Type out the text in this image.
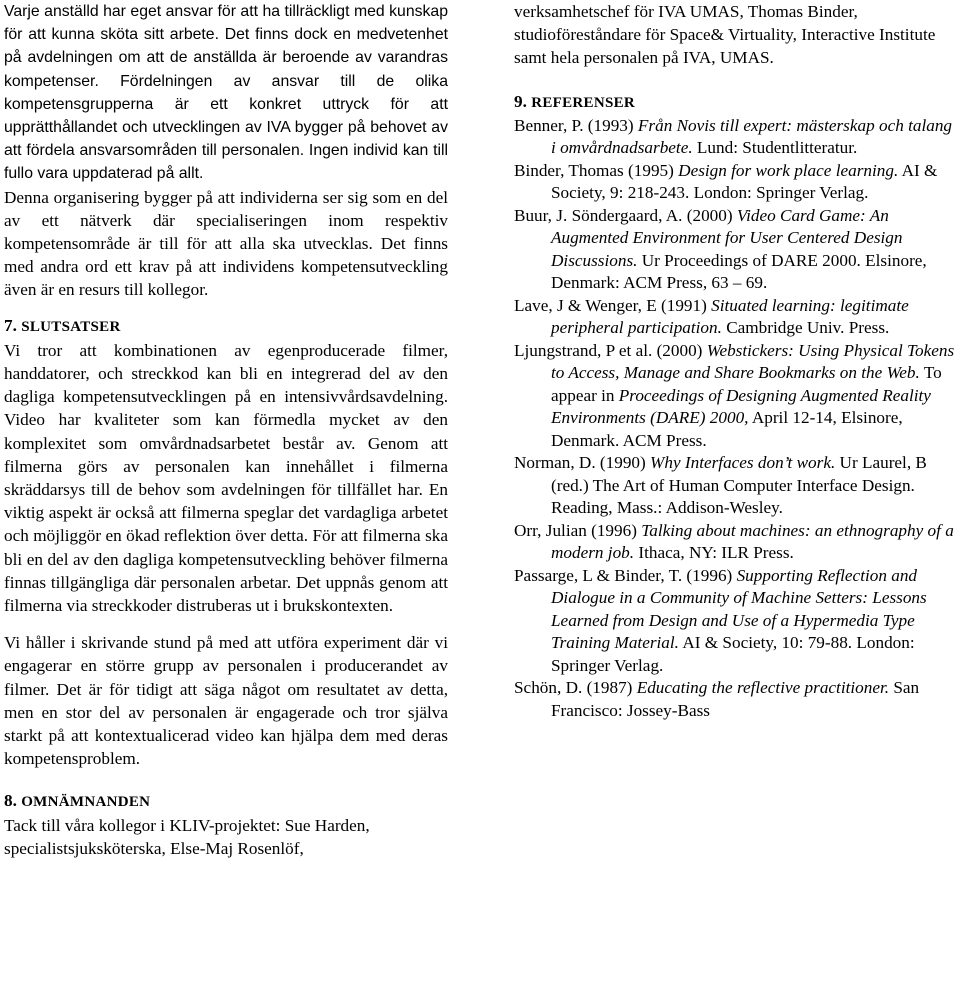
Varje anställd har eget ansvar för att ha tillräckligt med kunskap för att kunna sköta sitt arbete. Det finns dock en medvetenhet på avdelningen om att de anställda är beroende av varandras kompetenser. Fördelningen av ansvar till de olika kompetensgrupperna är ett konkret uttryck för att upprätthållandet och utvecklingen av IVA bygger på behovet av att fördela ansvarsområden till personalen. Ingen individ kan till fullo vara uppdaterad på allt.

Denna organisering bygger på att individerna ser sig som en del av ett nätverk där specialiseringen inom respektiv kompetensområde är till för att alla ska utvecklas. Det finns med andra ord ett krav på att individens kompetensutveckling även är en resurs till kollegor.

7. SLUTSATSER

Vi tror att kombinationen av egenproducerade filmer, handdatorer, och streckkod kan bli en integrerad del av den dagliga kompetensutvecklingen på en intensivvårdsavdelning. Video har kvaliteter som kan förmedla mycket av den komplexitet som omvårdnadsarbetet består av. Genom att filmerna görs av personalen kan innehållet i filmerna skräddarsys till de behov som avdelningen för tillfället har. En viktig aspekt är också att filmerna speglar det vardagliga arbetet och möjliggör en ökad reflektion över detta. För att filmerna ska bli en del av den dagliga kompetensutveckling behöver filmerna finnas tillgängliga där personalen arbetar. Det uppnås genom att filmerna via streckkoder distruberas ut i brukskontexten.

Vi håller i skrivande stund på med att utföra experiment där vi engagerar en större grupp av personalen i producerandet av filmer. Det är för tidigt att säga något om resultatet av detta, men en stor del av personalen är engagerade och tror själva starkt på att kontextualicerad video kan hjälpa dem med deras kompetensproblem.

8. OMNÄMNANDEN

Tack till våra kollegor i KLIV-projektet: Sue Harden, specialistsjuksköterska, Else-Maj Rosenlöf,

verksamhetschef för IVA UMAS, Thomas Binder, studioföreståndare för Space& Virtuality, Interactive Institute samt hela personalen på IVA, UMAS.

9. REFERENSER

Benner, P. (1993) Från Novis till expert: mästerskap och talang i omvårdnadsarbete. Lund: Studentlitteratur.

Binder, Thomas (1995) Design for work place learning. AI & Society, 9: 218-243. London: Springer Verlag.

Buur, J. Söndergaard, A. (2000) Video Card Game: An Augmented Environment for User Centered Design Discussions. Ur Proceedings of DARE 2000. Elsinore, Denmark: ACM Press, 63 – 69.

Lave, J & Wenger, E (1991) Situated learning: legitimate peripheral participation. Cambridge Univ. Press.

Ljungstrand, P et al. (2000) Webstickers: Using Physical Tokens to Access, Manage and Share Bookmarks on the Web. To appear in Proceedings of Designing Augmented Reality Environments (DARE) 2000, April 12-14, Elsinore, Denmark. ACM Press.

Norman, D. (1990) Why Interfaces don’t work. Ur Laurel, B (red.) The Art of Human Computer Interface Design. Reading, Mass.: Addison-Wesley.

Orr, Julian (1996) Talking about machines: an ethnography of a modern job. Ithaca, NY: ILR Press.

Passarge, L & Binder, T. (1996) Supporting Reflection and Dialogue in a Community of Machine Setters: Lessons Learned from Design and Use of a Hypermedia Type Training Material. AI & Society, 10: 79-88. London: Springer Verlag.

Schön, D. (1987) Educating the reflective practitioner. San Francisco: Jossey-Bass
